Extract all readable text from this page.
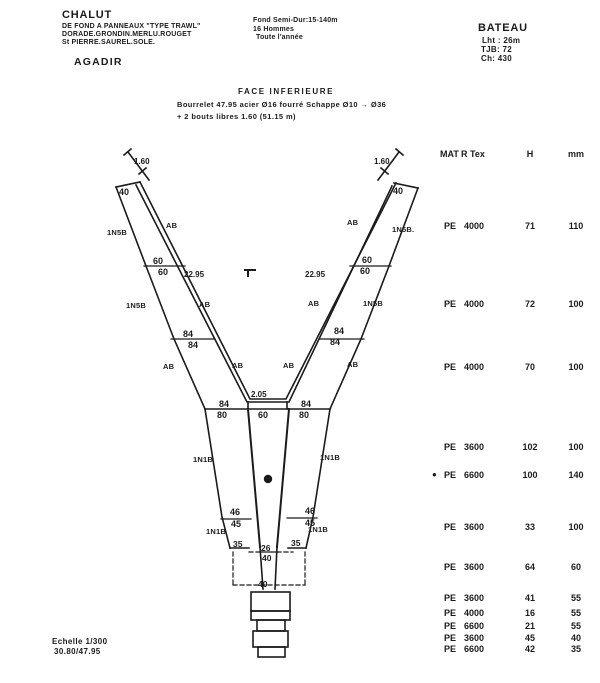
CHALUT
DE FOND A PANNEAUX "TYPE TRAWL"
DORADE.GRONDIN.MERLU.ROUGET
St PIERRE.SAUREL.SOLE.
AGADIR
Fond Semi-Dur:15-140m
16 Hommes
Toute l'année
BATEAU
Lht : 26m
TJB: 72
Ch: 430
FACE INFERIEURE
Bourrelet 47.95 acier Ø16 fourré Schappe Ø10 → Ø36
+ 2 bouts libres 1.60 (51.15 m)
1.60	1.60
40	40
AB
1N5B
AB
1N5B.
60
60
60
60
22.95	22.95
1N5B	AB	AB	1N5B
84
84
84
84
AB	AB	AB	AB
2.05
84
80	60
84
80
1N1B	1N1B
46
45
46
45
1N1B	1N1B
35	35
26
40
40
MAT R Tex	H	mm
PE 4000	71	110
PE 4000	72	100
PE 4000	70	100
PE 3600	102	100
● PE 6600	100	140
PE 3600	33	100
PE 3600	64	60
PE 3600	41	55
PE 4000	16	55
PE 6600	21	55
PE 3600	45	40
PE 6600	42	35
Echelle 1/300
30.80/47.95
